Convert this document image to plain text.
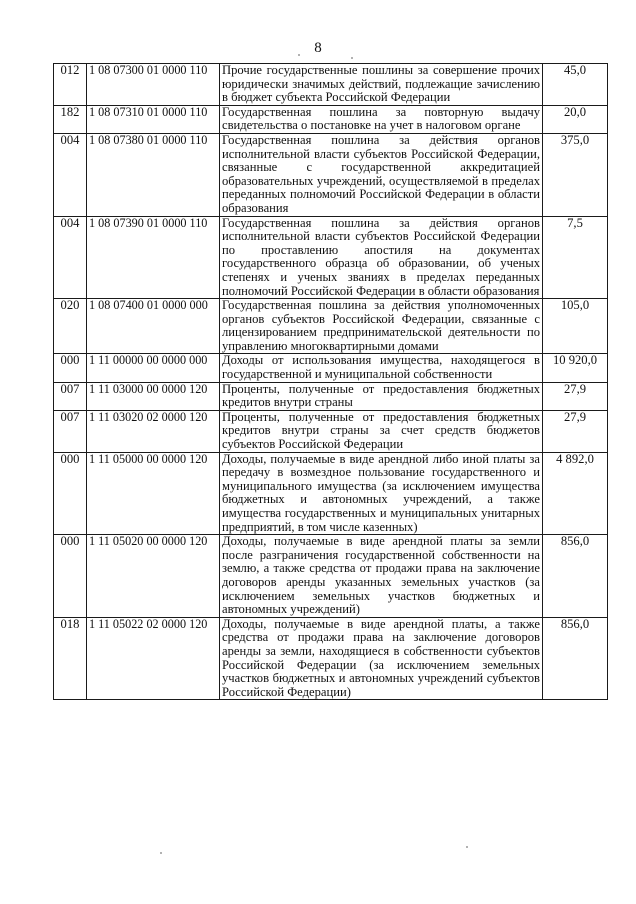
8
012	1 08 07300 01 0000 110	Прочие государственные пошлины за совершение прочих юридически значимых действий, подлежащие зачислению в бюджет субъекта Российской Федерации	45,0
182	1 08 07310 01 0000 110	Государственная пошлина за повторную выдачу свидетельства о постановке на учет в налоговом органе	20,0
004	1 08 07380 01 0000 110	Государственная пошлина за действия органов исполнительной власти субъектов Российской Федерации, связанные с государственной аккредитацией образовательных учреждений, осуществляемой в пределах переданных полномочий Российской Федерации в области образования	375,0
004	1 08 07390 01 0000 110	Государственная пошлина за действия органов исполнительной власти субъектов Российской Федерации по проставлению апостиля на документах государственного образца об образовании, об ученых степенях и ученых званиях в пределах переданных полномочий Российской Федерации в области образования	7,5
020	1 08 07400 01 0000 000	Государственная пошлина за действия уполномоченных органов субъектов Российской Федерации, связанные с лицензированием предпринимательской деятельности по управлению многоквартирными домами	105,0
000	1 11 00000 00 0000 000	Доходы от использования имущества, находящегося в государственной и муниципальной собственности	10 920,0
007	1 11 03000 00 0000 120	Проценты, полученные от предоставления бюджетных кредитов внутри страны	27,9
007	1 11 03020 02 0000 120	Проценты, полученные от предоставления бюджетных кредитов внутри страны за счет средств бюджетов субъектов Российской Федерации	27,9
000	1 11 05000 00 0000 120	Доходы, получаемые в виде арендной либо иной платы за передачу в возмездное пользование государственного и муниципального имущества (за исключением имущества бюджетных и автономных учреждений, а также имущества государственных и муниципальных унитарных предприятий, в том числе казенных)	4 892,0
000	1 11 05020 00 0000 120	Доходы, получаемые в виде арендной платы за земли после разграничения государственной собственности на землю, а также средства от продажи права на заключение договоров аренды указанных земельных участков (за исключением земельных участков бюджетных и автономных учреждений)	856,0
018	1 11 05022 02 0000 120	Доходы, получаемые в виде арендной платы, а также средства от продажи права на заключение договоров аренды за земли, находящиеся в собственности субъектов Российской Федерации (за исключением земельных участков бюджетных и автономных учреждений субъектов Российской Федерации)	856,0
